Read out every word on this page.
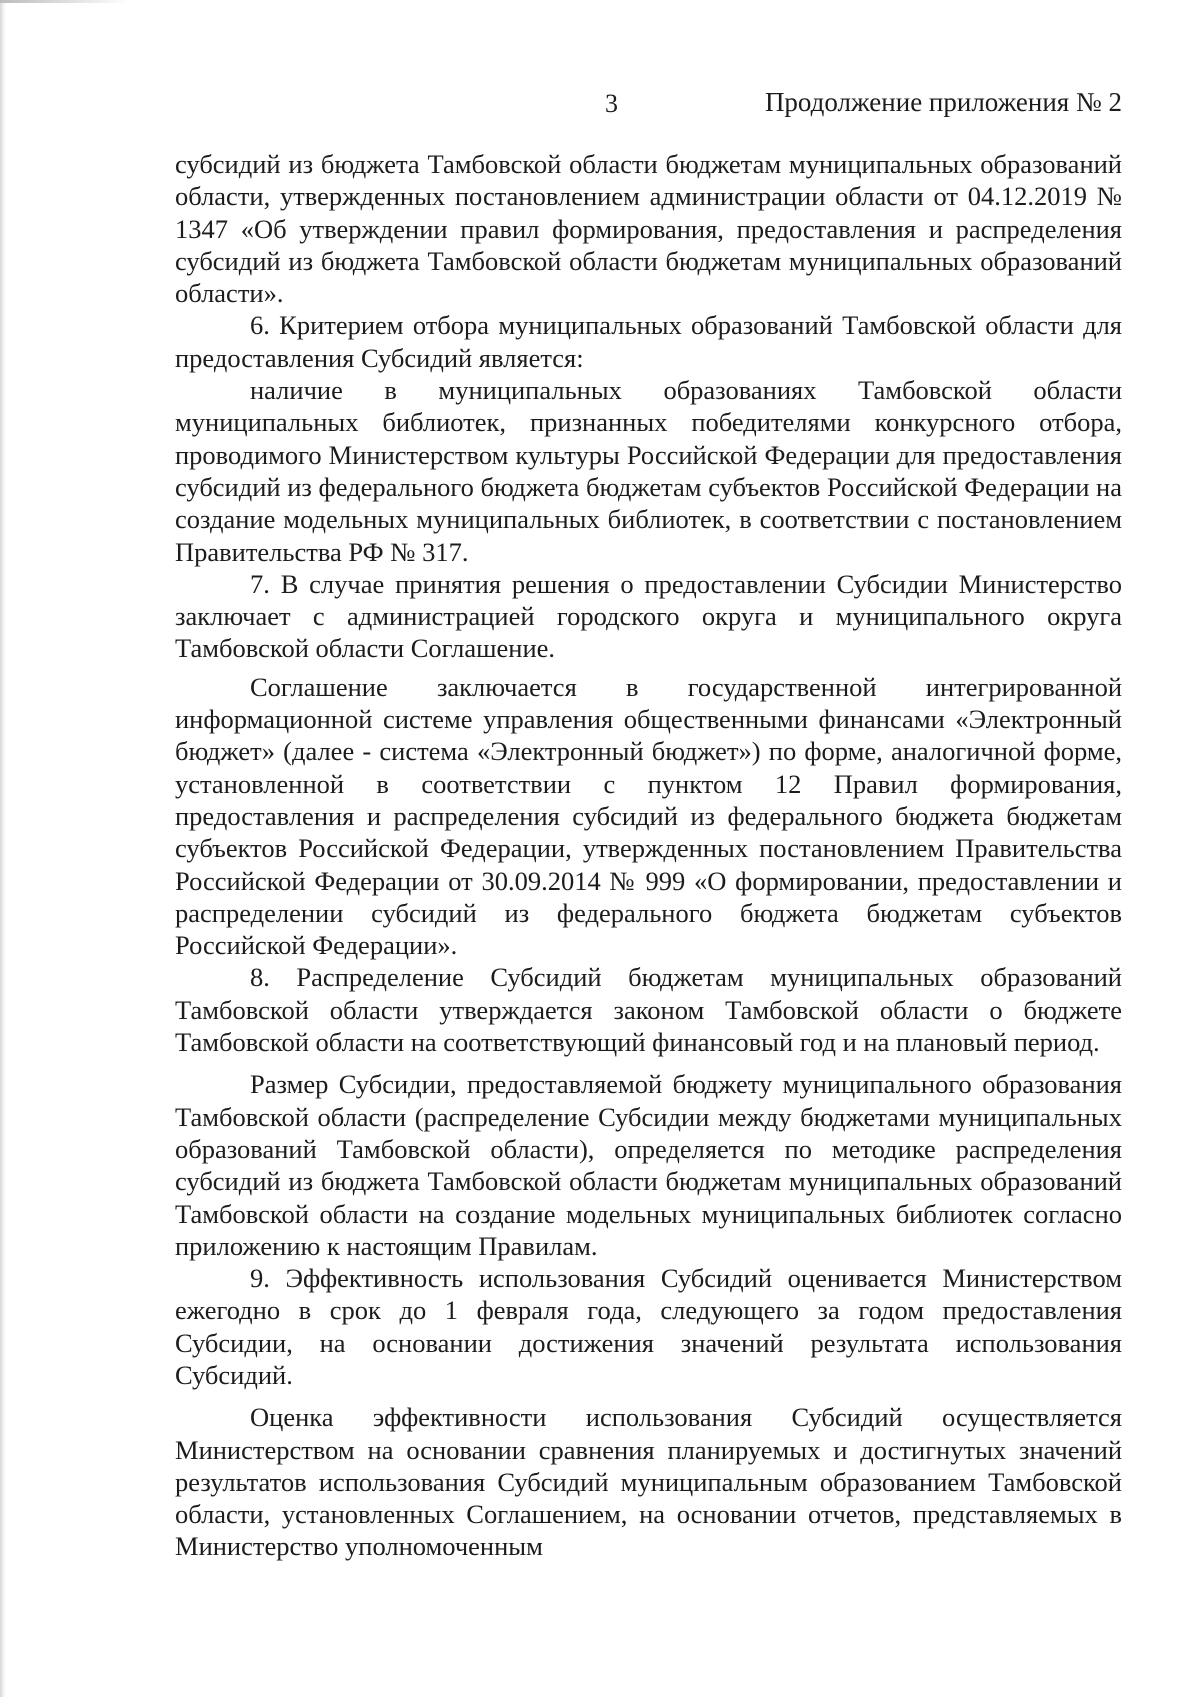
3	Продолжение приложения № 2

субсидий из бюджета Тамбовской области бюджетам муниципальных образований области, утвержденных постановлением администрации области от 04.12.2019 № 1347 «Об утверждении правил формирования, предоставления и распределения субсидий из бюджета Тамбовской области бюджетам муниципальных образований области».

6. Критерием отбора муниципальных образований Тамбовской области для предоставления Субсидий является:

наличие в муниципальных образованиях Тамбовской области муниципальных библиотек, признанных победителями конкурсного отбора, проводимого Министерством культуры Российской Федерации для предоставления субсидий из федерального бюджета бюджетам субъектов Российской Федерации на создание модельных муниципальных библиотек, в соответствии с постановлением Правительства РФ № 317.

7. В случае принятия решения о предоставлении Субсидии Министерство заключает с администрацией городского округа и муниципального округа Тамбовской области Соглашение.

Соглашение заключается в государственной интегрированной информационной системе управления общественными финансами «Электронный бюджет» (далее - система «Электронный бюджет») по форме, аналогичной форме, установленной в соответствии с пунктом 12 Правил формирования, предоставления и распределения субсидий из федерального бюджета бюджетам субъектов Российской Федерации, утвержденных постановлением Правительства Российской Федерации от 30.09.2014 № 999 «О формировании, предоставлении и распределении субсидий из федерального бюджета бюджетам субъектов Российской Федерации».

8. Распределение Субсидий бюджетам муниципальных образований Тамбовской области утверждается законом Тамбовской области о бюджете Тамбовской области на соответствующий финансовый год и на плановый период.

Размер Субсидии, предоставляемой бюджету муниципального образования Тамбовской области (распределение Субсидии между бюджетами муниципальных образований Тамбовской области), определяется по методике распределения субсидий из бюджета Тамбовской области бюджетам муниципальных образований Тамбовской области на создание модельных муниципальных библиотек согласно приложению к настоящим Правилам.

9. Эффективность использования Субсидий оценивается Министерством ежегодно в срок до 1 февраля года, следующего за годом предоставления Субсидии, на основании достижения значений результата использования Субсидий.

Оценка эффективности использования Субсидий осуществляется Министерством на основании сравнения планируемых и достигнутых значений результатов использования Субсидий муниципальным образованием Тамбовской области, установленных Соглашением, на основании отчетов, представляемых в Министерство уполномоченным
